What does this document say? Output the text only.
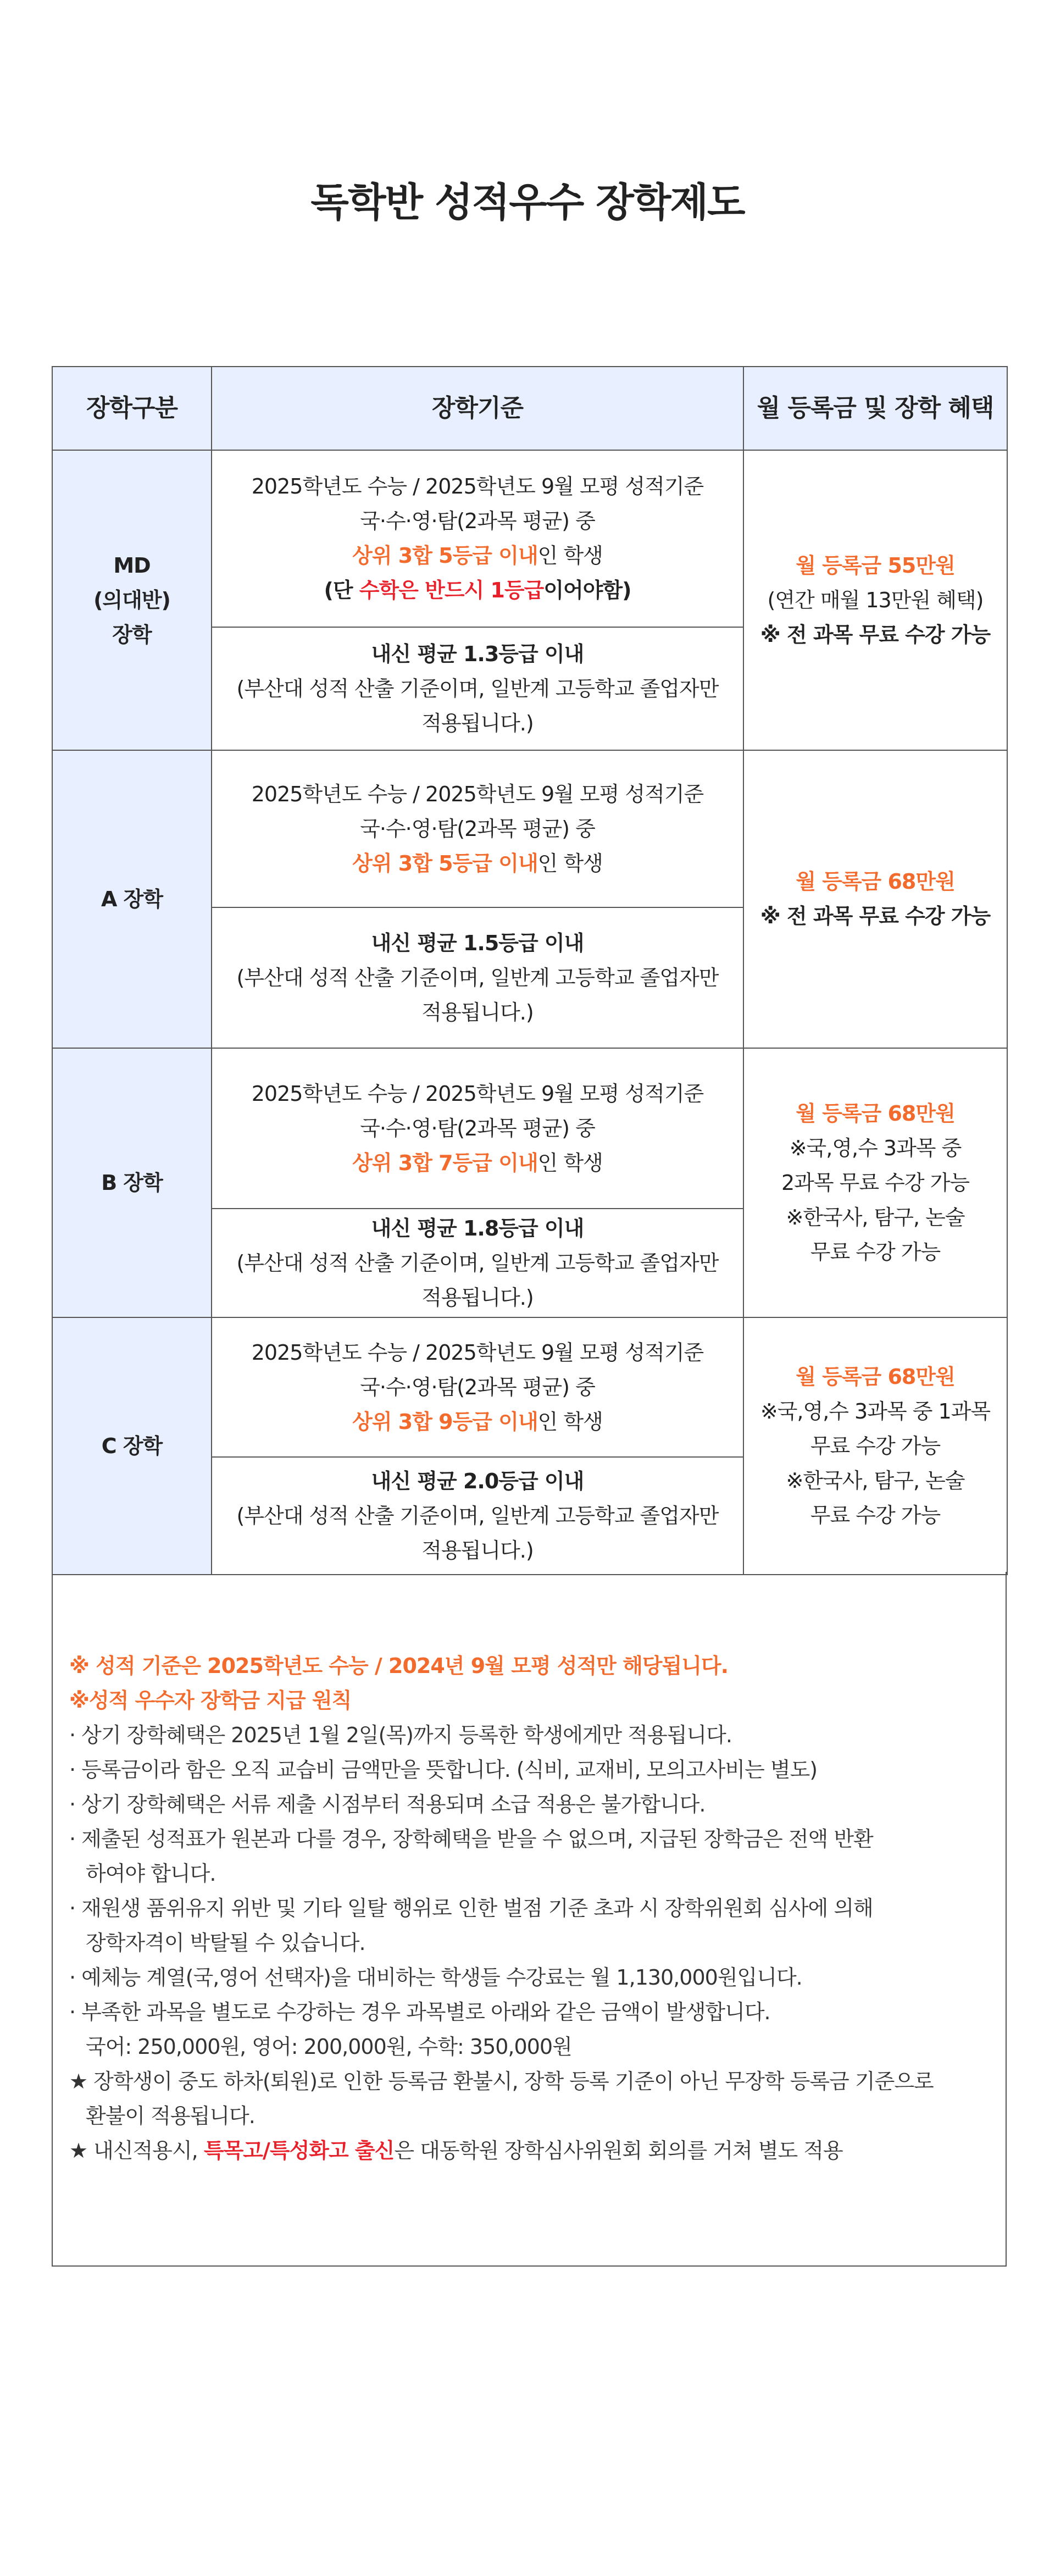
독학반 성적우수 장학제도
장학구분	장학기준	월 등록금 및 장학 혜택

MD
(의대반)
장학	2025학년도 수능 / 2025학년도 9월 모평 성적기준
국·수·영·탐(2과목 평균) 중
상위 3합 5등급 이내인 학생
(단 수학은 반드시 1등급이어야함)	월 등록금 55만원
(연간 매월 13만원 혜택)
※ 전 과목 무료 수강 가능

	내신 평균 1.3등급 이내
(부산대 성적 산출 기준이며, 일반계 고등학교 졸업자만
적용됩니다.)	

A 장학	2025학년도 수능 / 2025학년도 9월 모평 성적기준
국·수·영·탐(2과목 평균) 중
상위 3합 5등급 이내인 학생	월 등록금 68만원
※ 전 과목 무료 수강 가능

	내신 평균 1.5등급 이내
(부산대 성적 산출 기준이며, 일반계 고등학교 졸업자만
적용됩니다.)	

B 장학	2025학년도 수능 / 2025학년도 9월 모평 성적기준
국·수·영·탐(2과목 평균) 중
상위 3합 7등급 이내인 학생	월 등록금 68만원
※국,영,수 3과목 중
2과목 무료 수강 가능
※한국사, 탐구, 논술
무료 수강 가능

	내신 평균 1.8등급 이내
(부산대 성적 산출 기준이며, 일반계 고등학교 졸업자만
적용됩니다.)	

C 장학	2025학년도 수능 / 2025학년도 9월 모평 성적기준
국·수·영·탐(2과목 평균) 중
상위 3합 9등급 이내인 학생	월 등록금 68만원
※국,영,수 3과목 중 1과목
무료 수강 가능
※한국사, 탐구, 논술
무료 수강 가능

	내신 평균 2.0등급 이내
(부산대 성적 산출 기준이며, 일반계 고등학교 졸업자만
적용됩니다.)	
※ 성적 기준은 2025학년도 수능 / 2024년 9월 모평 성적만 해당됩니다.
※성적 우수자 장학금 지급 원칙
· 상기 장학혜택은 2025년 1월 2일(목)까지 등록한 학생에게만 적용됩니다.
· 등록금이라 함은 오직 교습비 금액만을 뜻합니다. (식비, 교재비, 모의고사비는 별도)
· 상기 장학혜택은 서류 제출 시점부터 적용되며 소급 적용은 불가합니다.
· 제출된 성적표가 원본과 다를 경우, 장학혜택을 받을 수 없으며, 지급된 장학금은 전액 반환
하여야 합니다.
· 재원생 품위유지 위반 및 기타 일탈 행위로 인한 벌점 기준 초과 시 장학위원회 심사에 의해
장학자격이 박탈될 수 있습니다.
· 예체능 계열(국,영어 선택자)을 대비하는 학생들 수강료는 월 1,130,000원입니다.
· 부족한 과목을 별도로 수강하는 경우 과목별로 아래와 같은 금액이 발생합니다.
국어: 250,000원, 영어: 200,000원, 수학: 350,000원
★ 장학생이 중도 하차(퇴원)로 인한 등록금 환불시, 장학 등록 기준이 아닌 무장학 등록금 기준으로
환불이 적용됩니다.
★ 내신적용시, 특목고/특성화고 출신은 대동학원 장학심사위원회 회의를 거쳐 별도 적용
